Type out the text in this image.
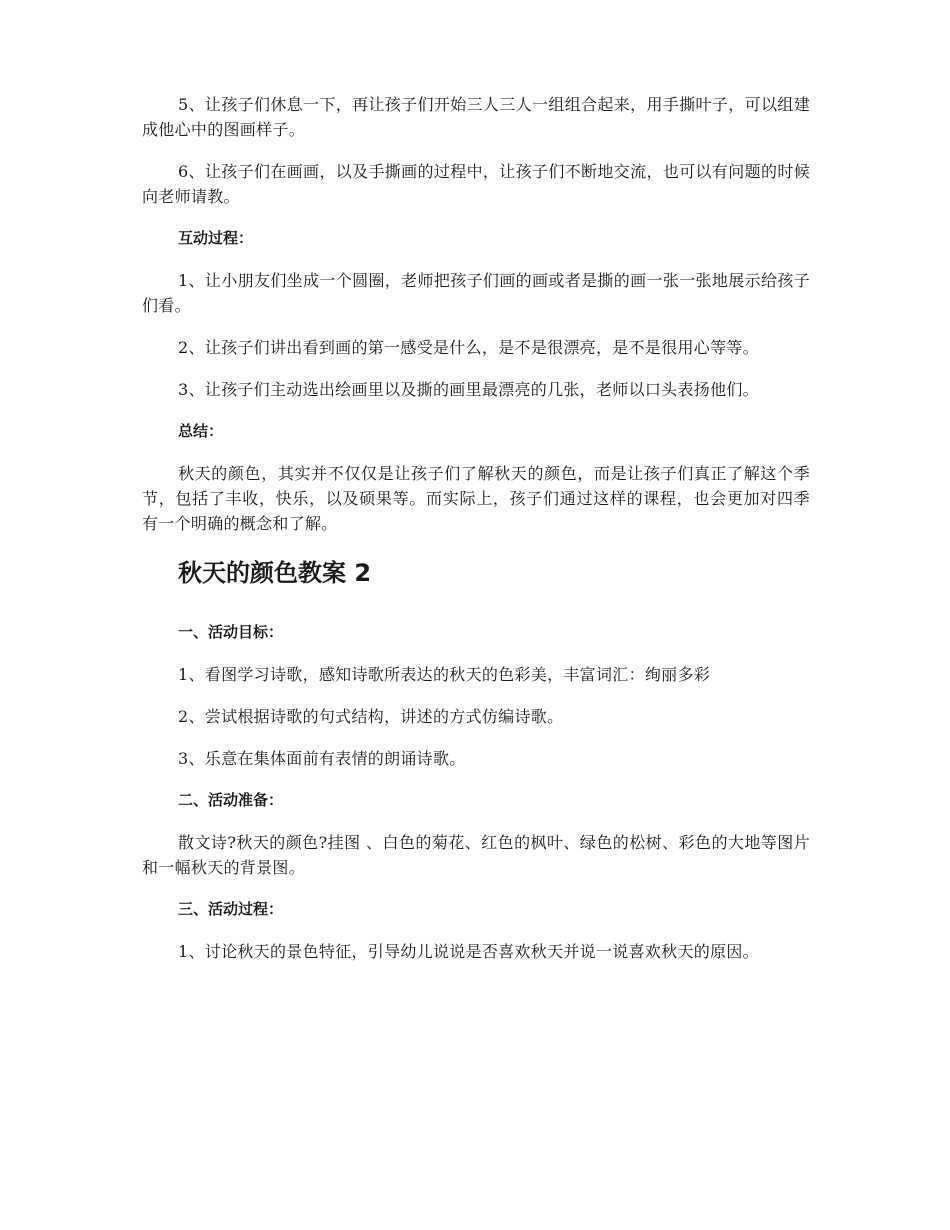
5、让孩子们休息一下，再让孩子们开始三人三人一组组合起来，用手撕叶子，可以组建成他心中的图画样子。

6、让孩子们在画画，以及手撕画的过程中，让孩子们不断地交流，也可以有问题的时候向老师请教。

互动过程：

1、让小朋友们坐成一个圆圈，老师把孩子们画的画或者是撕的画一张一张地展示给孩子们看。

2、让孩子们讲出看到画的第一感受是什么，是不是很漂亮，是不是很用心等等。

3、让孩子们主动选出绘画里以及撕的画里最漂亮的几张，老师以口头表扬他们。

总结：

秋天的颜色，其实并不仅仅是让孩子们了解秋天的颜色，而是让孩子们真正了解这个季节，包括了丰收，快乐，以及硕果等。而实际上，孩子们通过这样的课程，也会更加对四季有一个明确的概念和了解。

秋天的颜色教案 2

一、活动目标：

1、看图学习诗歌，感知诗歌所表达的秋天的色彩美，丰富词汇：绚丽多彩

2、尝试根据诗歌的句式结构，讲述的方式仿编诗歌。

3、乐意在集体面前有表情的朗诵诗歌。

二、活动准备：

散文诗?秋天的颜色?挂图 、白色的菊花、红色的枫叶、绿色的松树、彩色的大地等图片和一幅秋天的背景图。

三、活动过程：

1、讨论秋天的景色特征，引导幼儿说说是否喜欢秋天并说一说喜欢秋天的原因。
